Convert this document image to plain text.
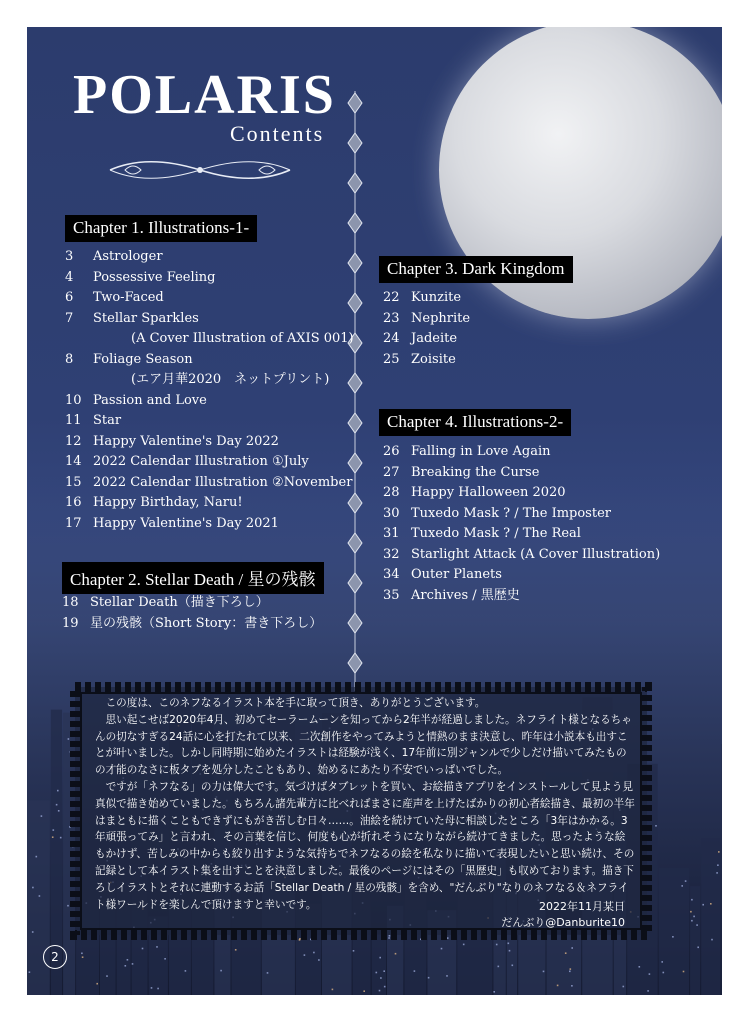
POLARIS
Contents
Chapter 1. Illustrations-1-
3	Astrologer
4	Possessive Feeling
6	Two-Faced
7	Stellar Sparkles
(A Cover Illustration of AXIS 001)
8	Foliage Season
(エア月華2020　ネットプリント)
10 Passion and Love
11 Star
12 Happy Valentine's Day 2022
14 2022 Calendar Illustration ①July
15 2022 Calendar Illustration ②November
16 Happy Birthday, Naru!
17 Happy Valentine's Day 2021
Chapter 2. Stellar Death / 星の残骸
18 Stellar Death（描き下ろし）
19 星の残骸（Short Story：書き下ろし）
Chapter 3. Dark Kingdom
22 Kunzite
23 Nephrite
24 Jadeite
25 Zoisite
Chapter 4. Illustrations-2-
26 Falling in Love Again
27 Breaking the Curse
28 Happy Halloween 2020
30 Tuxedo Mask ? / The Imposter
31 Tuxedo Mask ? / The Real
32 Starlight Attack (A Cover Illustration)
34 Outer Planets
35 Archives / 黒歴史

この度は、このネフなるイラスト本を手に取って頂き、ありがとうございます。

思い起こせば2020年4月、初めてセーラームーンを知ってから2年半が経過しました。ネフライト様となるちゃんの切なすぎる24話に心を打たれて以来、二次創作をやってみようと情熱のまま決意し、昨年は小説本も出すことが叶いました。しかし同時期に始めたイラストは経験が浅く、17年前に別ジャンルで少しだけ描いてみたものの才能のなさに板タブを処分したこともあり、始めるにあたり不安でいっぱいでした。

ですが「ネフなる」の力は偉大です。気づけばタブレットを買い、お絵描きアプリをインストールして見よう見真似で描き始めていました。もちろん諸先輩方に比べればまさに産声を上げたばかりの初心者絵描き、最初の半年はまともに描くこともできずにもがき苦しむ日々……。油絵を続けていた母に相談したところ「3年はかかる。3年頑張ってみ」と言われ、その言葉を信じ、何度も心が折れそうになりながら続けてきました。思ったような絵もかけず、苦しみの中からも絞り出すような気持ちでネフなるの絵を私なりに描いて表現したいと思い続け、その記録として本イラスト集を出すことを決意しました。最後のページにはその「黒歴史」も収めております。描き下ろしイラストとそれに連動するお話「Stellar Death / 星の残骸」を含め、"だんぶり"なりのネフなる＆ネフライト様ワールドを楽しんで頂けますと幸いです。	2022年11月某日
だんぶり@Danburite10
2
